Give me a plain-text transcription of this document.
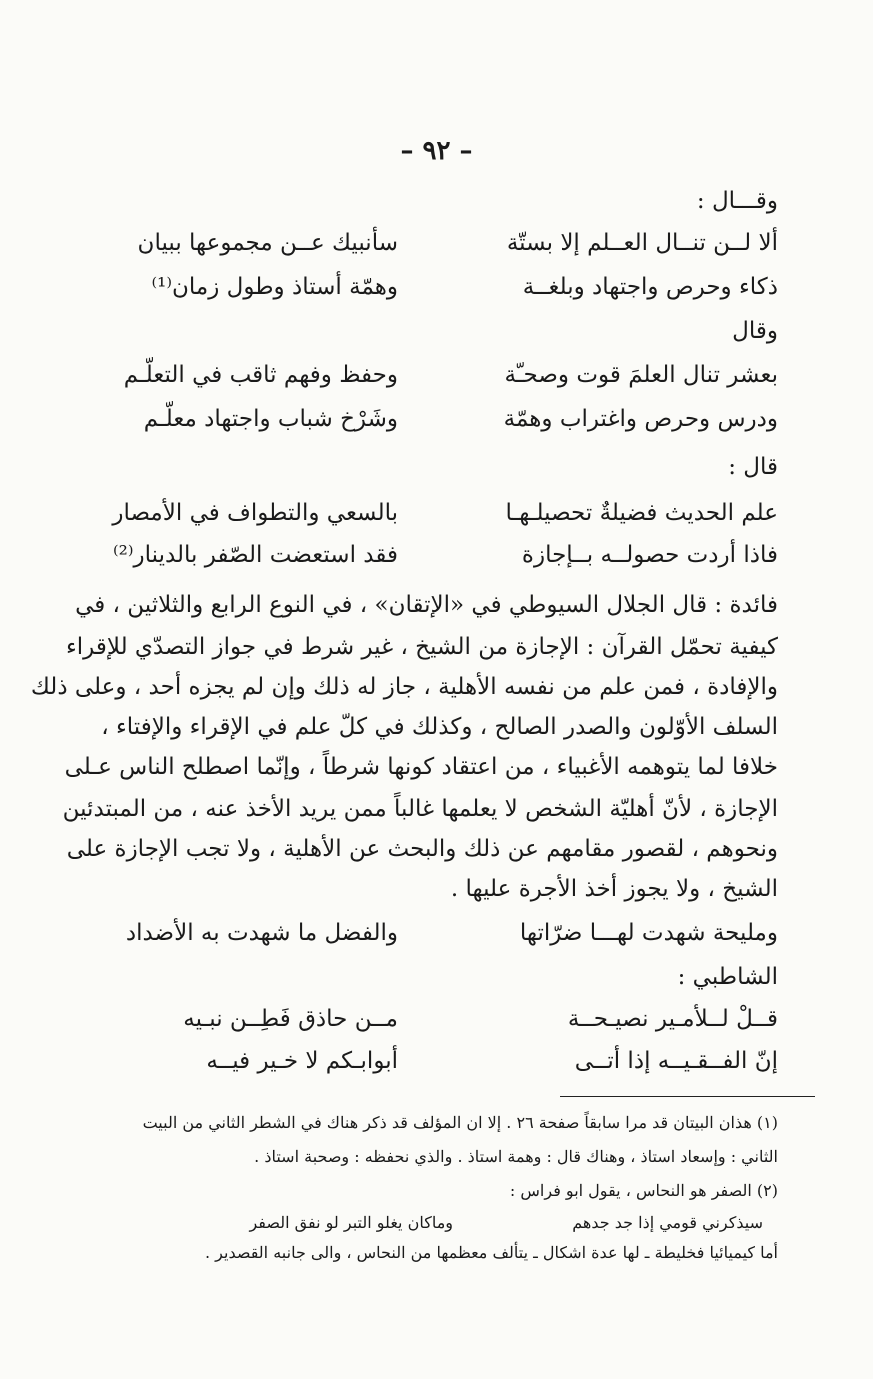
– ٩٢ –
وقـــال :
ألا لــن تنــال العــلم إلا بستّة
سأنبيك عــن مجموعها ببيان
ذكاء وحرص واجتهاد وبلغــة
وهمّة أستاذ وطول زمان⁽¹⁾
وقال
بعشر تنال العلمَ قوت وصحـّة
وحفظ وفهم ثاقب في التعلّـم
ودرس وحرص واغتراب وهمّة
وشَرْخ شباب واجتهاد معلّـم
قال :
علم الحديث فضيلةٌ تحصيلـهـا
بالسعي والتطواف في الأمصار
فاذا أردت حصولــه بــإجازة
فقد استعضت الصّفر بالدينار⁽²⁾
فائدة : قال الجلال السيوطي في «الإتقان» ، في النوع الرابع والثلاثين ، في
كيفية تحمّل القرآن : الإجازة من الشيخ ، غير شرط في جواز التصدّي للإقراء
والإفادة ، فمن علم من نفسه الأهلية ، جاز له ذلك وإن لم يجزه أحد ، وعلى ذلك
السلف الأوّلون والصدر الصالح ، وكذلك في كلّ علم في الإقراء والإفتاء ،
خلافا لما يتوهمه الأغبياء ، من اعتقاد كونها شرطاً ، وإنّما اصطلح الناس عـلى
الإجازة ، لأنّ أهليّة الشخص لا يعلمها غالباً ممن يريد الأخذ عنه ، من المبتدئين
ونحوهم ، لقصور مقامهم عن ذلك والبحث عن الأهلية ، ولا تجب الإجازة على
الشيخ ، ولا يجوز أخذ الأجرة عليها .
ومليحة شهدت لهـــا ضرّاتها
والفضل ما شهدت به الأضداد
الشاطبي :
قــلْ لــلأمـير نصيـحــة
مــن حاذق فَطِــن نبـيه
إنّ الفــقـيــه إذا أتــى
أبوابـكم لا خـير فيــه
(١) هذان البيتان قد مرا سابقاً صفحة ٢٦ . إلا ان المؤلف قد ذكر هناك في الشطر الثاني من البيت
الثاني : وإسعاد استاذ ، وهناك قال : وهمة استاذ . والذي نحفظه : وصحبة استاذ .
(٢) الصفر هو النحاس ، يقول ابو فراس :
سيذكرني قومي إذا جد جدهم
وماكان يغلو التبر لو نفق الصفر
أما كيميائيا فخليطة ـ لها عدة اشكال ـ يتألف معظمها من النحاس ، والى جانبه القصدير .
